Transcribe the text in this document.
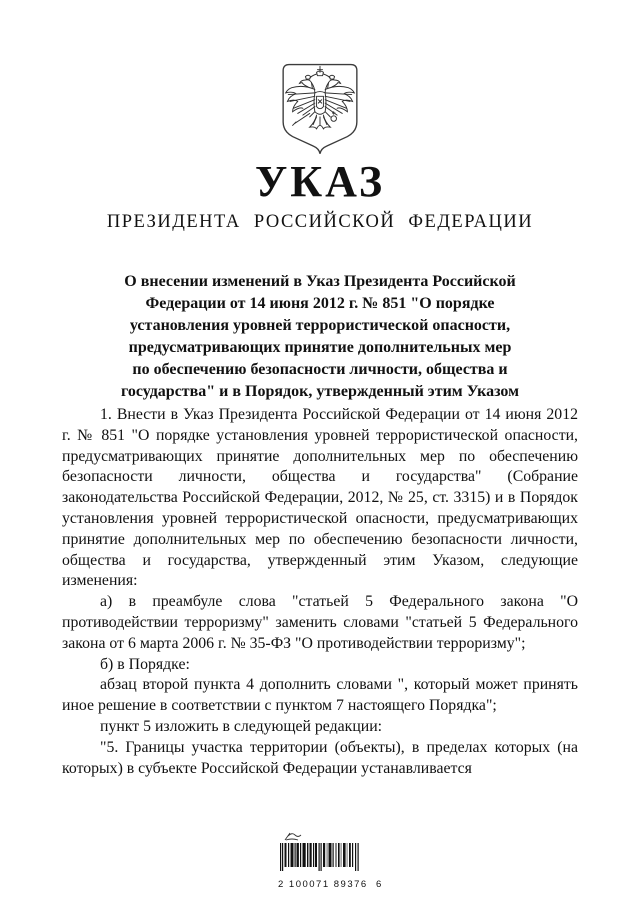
УКАЗ
ПРЕЗИДЕНТА РОССИЙСКОЙ ФЕДЕРАЦИИ
О внесении изменений в Указ Президента Российской
Федерации от 14 июня 2012 г. № 851 "О порядке
установления уровней террористической опасности,
предусматривающих принятие дополнительных мер
по обеспечению безопасности личности, общества и
государства" и в Порядок, утвержденный этим Указом

1. Внести в Указ Президента Российской Федерации от 14 июня 2012 г. № 851 "О порядке установления уровней террористической опасности, предусматривающих принятие дополнительных мер по обеспечению безопасности личности, общества и государства" (Собрание законодательства Российской Федерации, 2012, № 25, ст. 3315) и в Порядок установления уровней террористической опасности, предусматривающих принятие дополнительных мер по обеспечению безопасности личности, общества и государства, утвержденный этим Указом, следующие изменения:

а) в преамбуле слова "статьей 5 Федерального закона "О противодействии терроризму" заменить словами "статьей 5 Федерального закона от 6 марта 2006 г. № 35-ФЗ "О противодействии терроризму";

б) в Порядке:

абзац второй пункта 4 дополнить словами ", который может принять иное решение в соответствии с пунктом 7 настоящего Порядка";

пункт 5 изложить в следующей редакции:

"5. Границы участка территории (объекты), в пределах которых (на которых) в субъекте Российской Федерации устанавливается

2 100071 89376  6
